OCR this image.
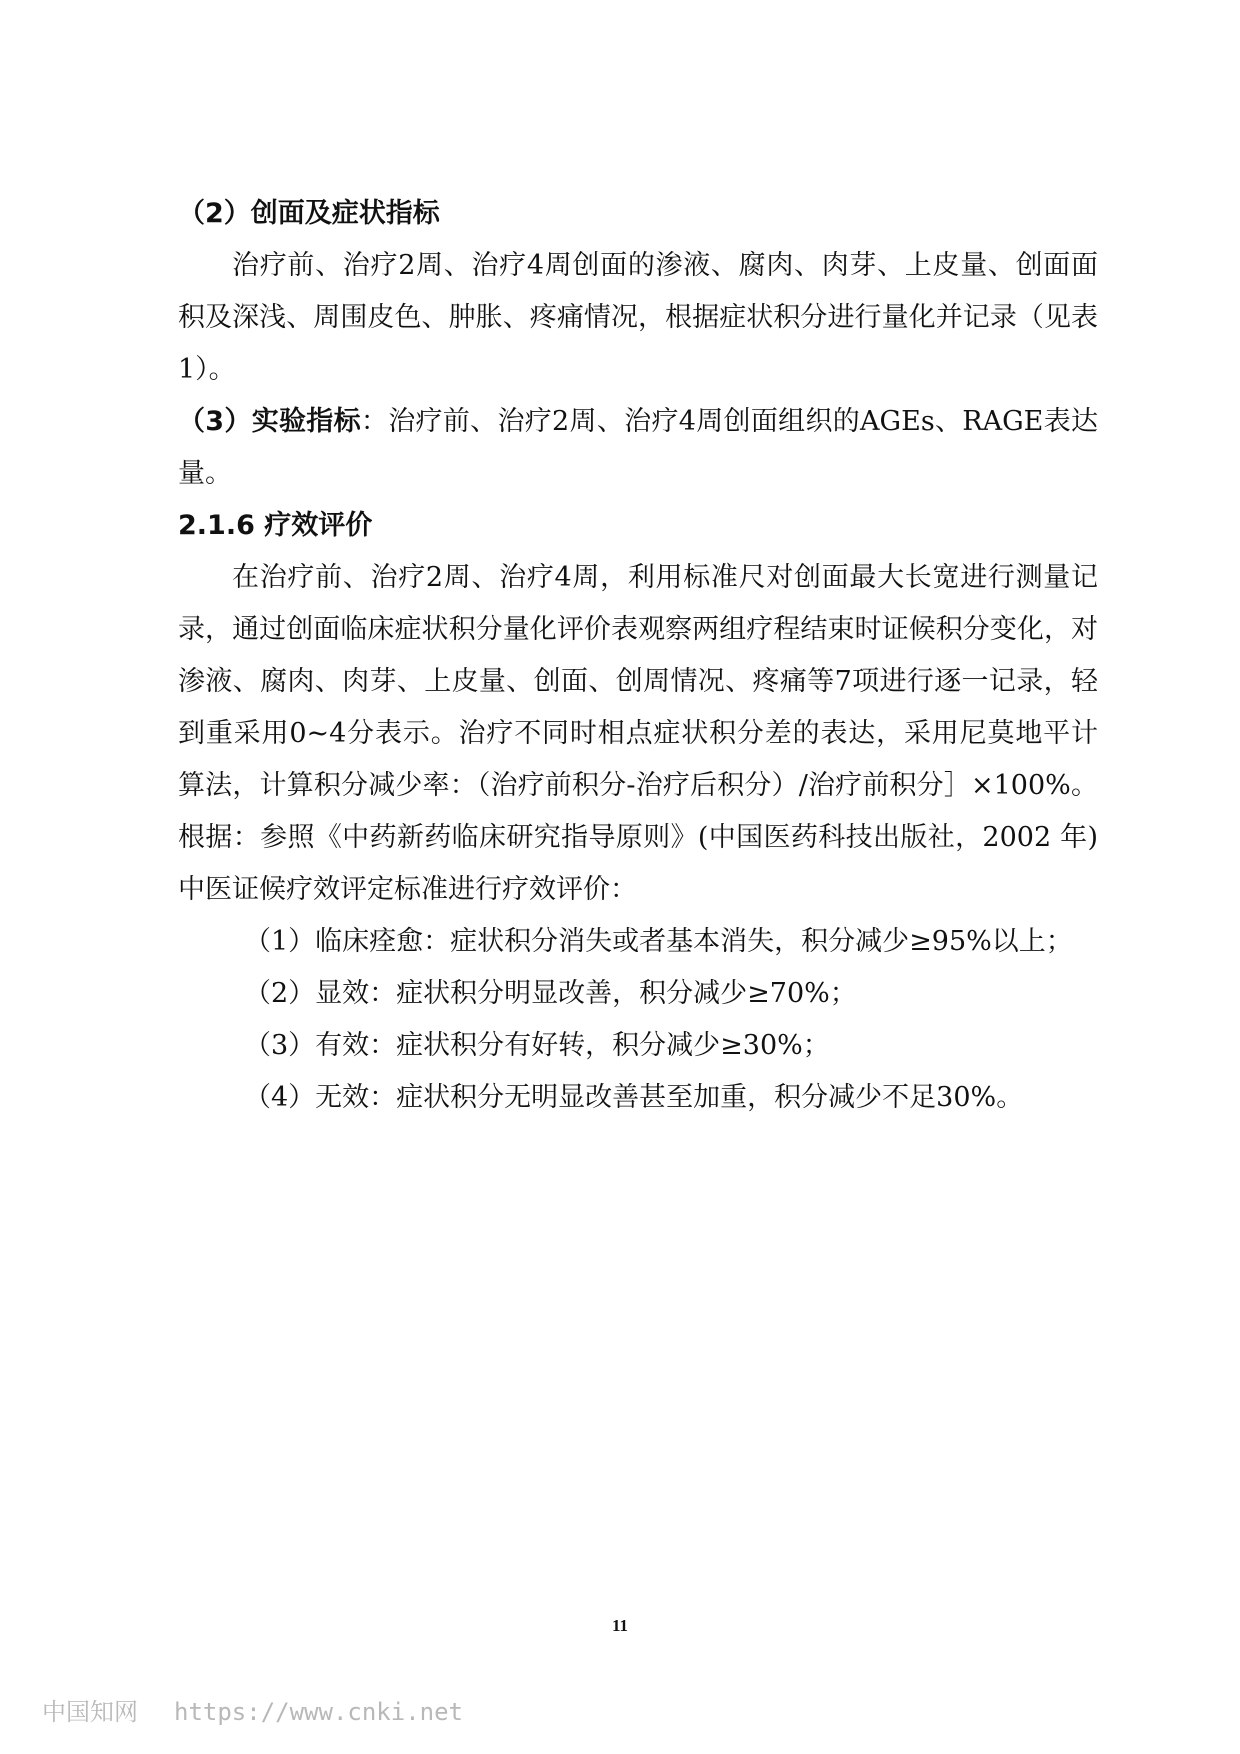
（2）创面及症状指标

治疗前、治疗2周、治疗4周创面的渗液、腐肉、肉芽、上皮量、创面面积及深浅、周围皮色、肿胀、疼痛情况，根据症状积分进行量化并记录（见表1）。

（3）实验指标：治疗前、治疗2周、治疗4周创面组织的AGEs、RAGE表达量。

2.1.6 疗效评价

在治疗前、治疗2周、治疗4周，利用标准尺对创面最大长宽进行测量记录，通过创面临床症状积分量化评价表观察两组疗程结束时证候积分变化，对渗液、腐肉、肉芽、上皮量、创面、创周情况、疼痛等7项进行逐一记录，轻到重采用0~4分表示。治疗不同时相点症状积分差的表达，采用尼莫地平计算法，计算积分减少率：（治疗前积分-治疗后积分）/治疗前积分］×100%。根据：参照《中药新药临床研究指导原则》(中国医药科技出版社，2002 年)中医证候疗效评定标准进行疗效评价：

（1）临床痊愈：症状积分消失或者基本消失，积分减少≥95%以上；

（2）显效：症状积分明显改善，积分减少≥70%；

（3）有效：症状积分有好转，积分减少≥30%；

（4）无效：症状积分无明显改善甚至加重，积分减少不足30%。

11
中国知网 https://www.cnki.net
